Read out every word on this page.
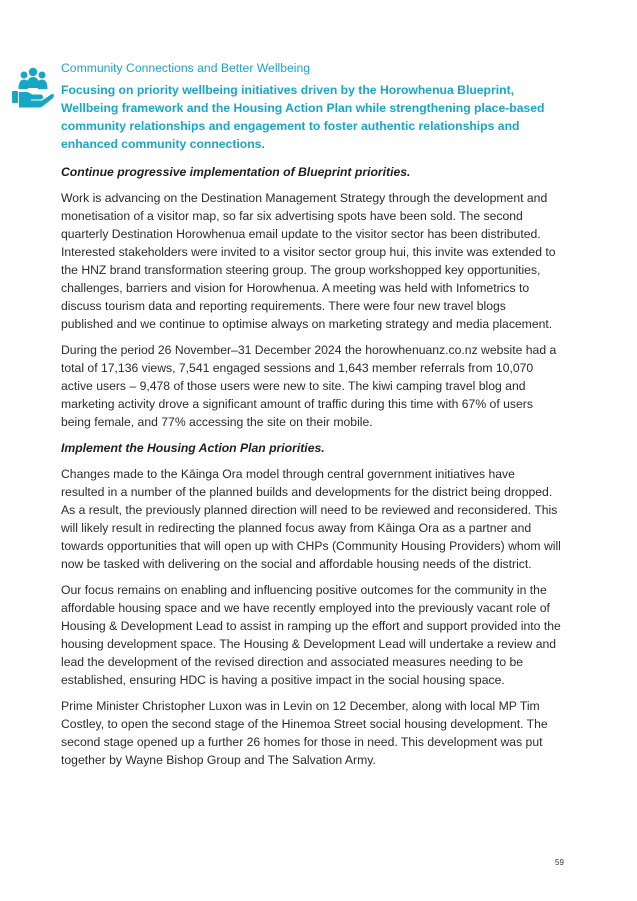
Community Connections and Better Wellbeing

Focusing on priority wellbeing initiatives driven by the Horowhenua Blueprint, Wellbeing framework and the Housing Action Plan while strengthening place-based community relationships and engagement to foster authentic relationships and enhanced community connections.

Continue progressive implementation of Blueprint priorities.

Work is advancing on the Destination Management Strategy through the development and monetisation of a visitor map, so far six advertising spots have been sold. The second quarterly Destination Horowhenua email update to the visitor sector has been distributed. Interested stakeholders were invited to a visitor sector group hui, this invite was extended to the HNZ brand transformation steering group. The group workshopped key opportunities, challenges, barriers and vision for Horowhenua. A meeting was held with Infometrics to discuss tourism data and reporting requirements. There were four new travel blogs published and we continue to optimise always on marketing strategy and media placement.

During the period 26 November–31 December 2024 the horowhenuanz.co.nz website had a total of 17,136 views, 7,541 engaged sessions and 1,643 member referrals from 10,070 active users – 9,478 of those users were new to site. The kiwi camping travel blog and marketing activity drove a significant amount of traffic during this time with 67% of users being female, and 77% accessing the site on their mobile.

Implement the Housing Action Plan priorities.

Changes made to the Kāinga Ora model through central government initiatives have resulted in a number of the planned builds and developments for the district being dropped. As a result, the previously planned direction will need to be reviewed and reconsidered. This will likely result in redirecting the planned focus away from Kāinga Ora as a partner and towards opportunities that will open up with CHPs (Community Housing Providers) whom will now be tasked with delivering on the social and affordable housing needs of the district.

Our focus remains on enabling and influencing positive outcomes for the community in the affordable housing space and we have recently employed into the previously vacant role of Housing & Development Lead to assist in ramping up the effort and support provided into the housing development space. The Housing & Development Lead will undertake a review and lead the development of the revised direction and associated measures needing to be established, ensuring HDC is having a positive impact in the social housing space.

Prime Minister Christopher Luxon was in Levin on 12 December, along with local MP Tim Costley, to open the second stage of the Hinemoa Street social housing development. The second stage opened up a further 26 homes for those in need. This development was put together by Wayne Bishop Group and The Salvation Army.

59
